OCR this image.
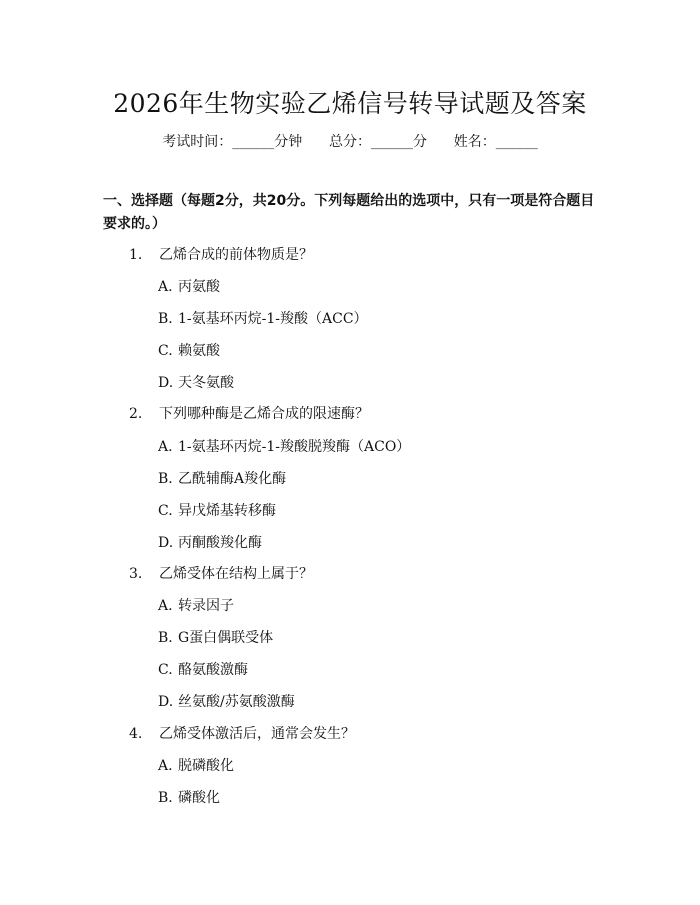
2026年生物实验乙烯信号转导试题及答案
考试时间：______分钟      总分：______分      姓名：______
一、选择题（每题2分，共20分。下列每题给出的选项中，只有一项是符合题目要求的。）
1. 乙烯合成的前体物质是？
A. 丙氨酸
B. 1-氨基环丙烷-1-羧酸（ACC）
C. 赖氨酸
D. 天冬氨酸
2. 下列哪种酶是乙烯合成的限速酶？
A. 1-氨基环丙烷-1-羧酸脱羧酶（ACO）
B. 乙酰辅酶A羧化酶
C. 异戊烯基转移酶
D. 丙酮酸羧化酶
3. 乙烯受体在结构上属于？
A. 转录因子
B. G蛋白偶联受体
C. 酪氨酸激酶
D. 丝氨酸/苏氨酸激酶
4. 乙烯受体激活后，通常会发生？
A. 脱磷酸化
B. 磷酸化
